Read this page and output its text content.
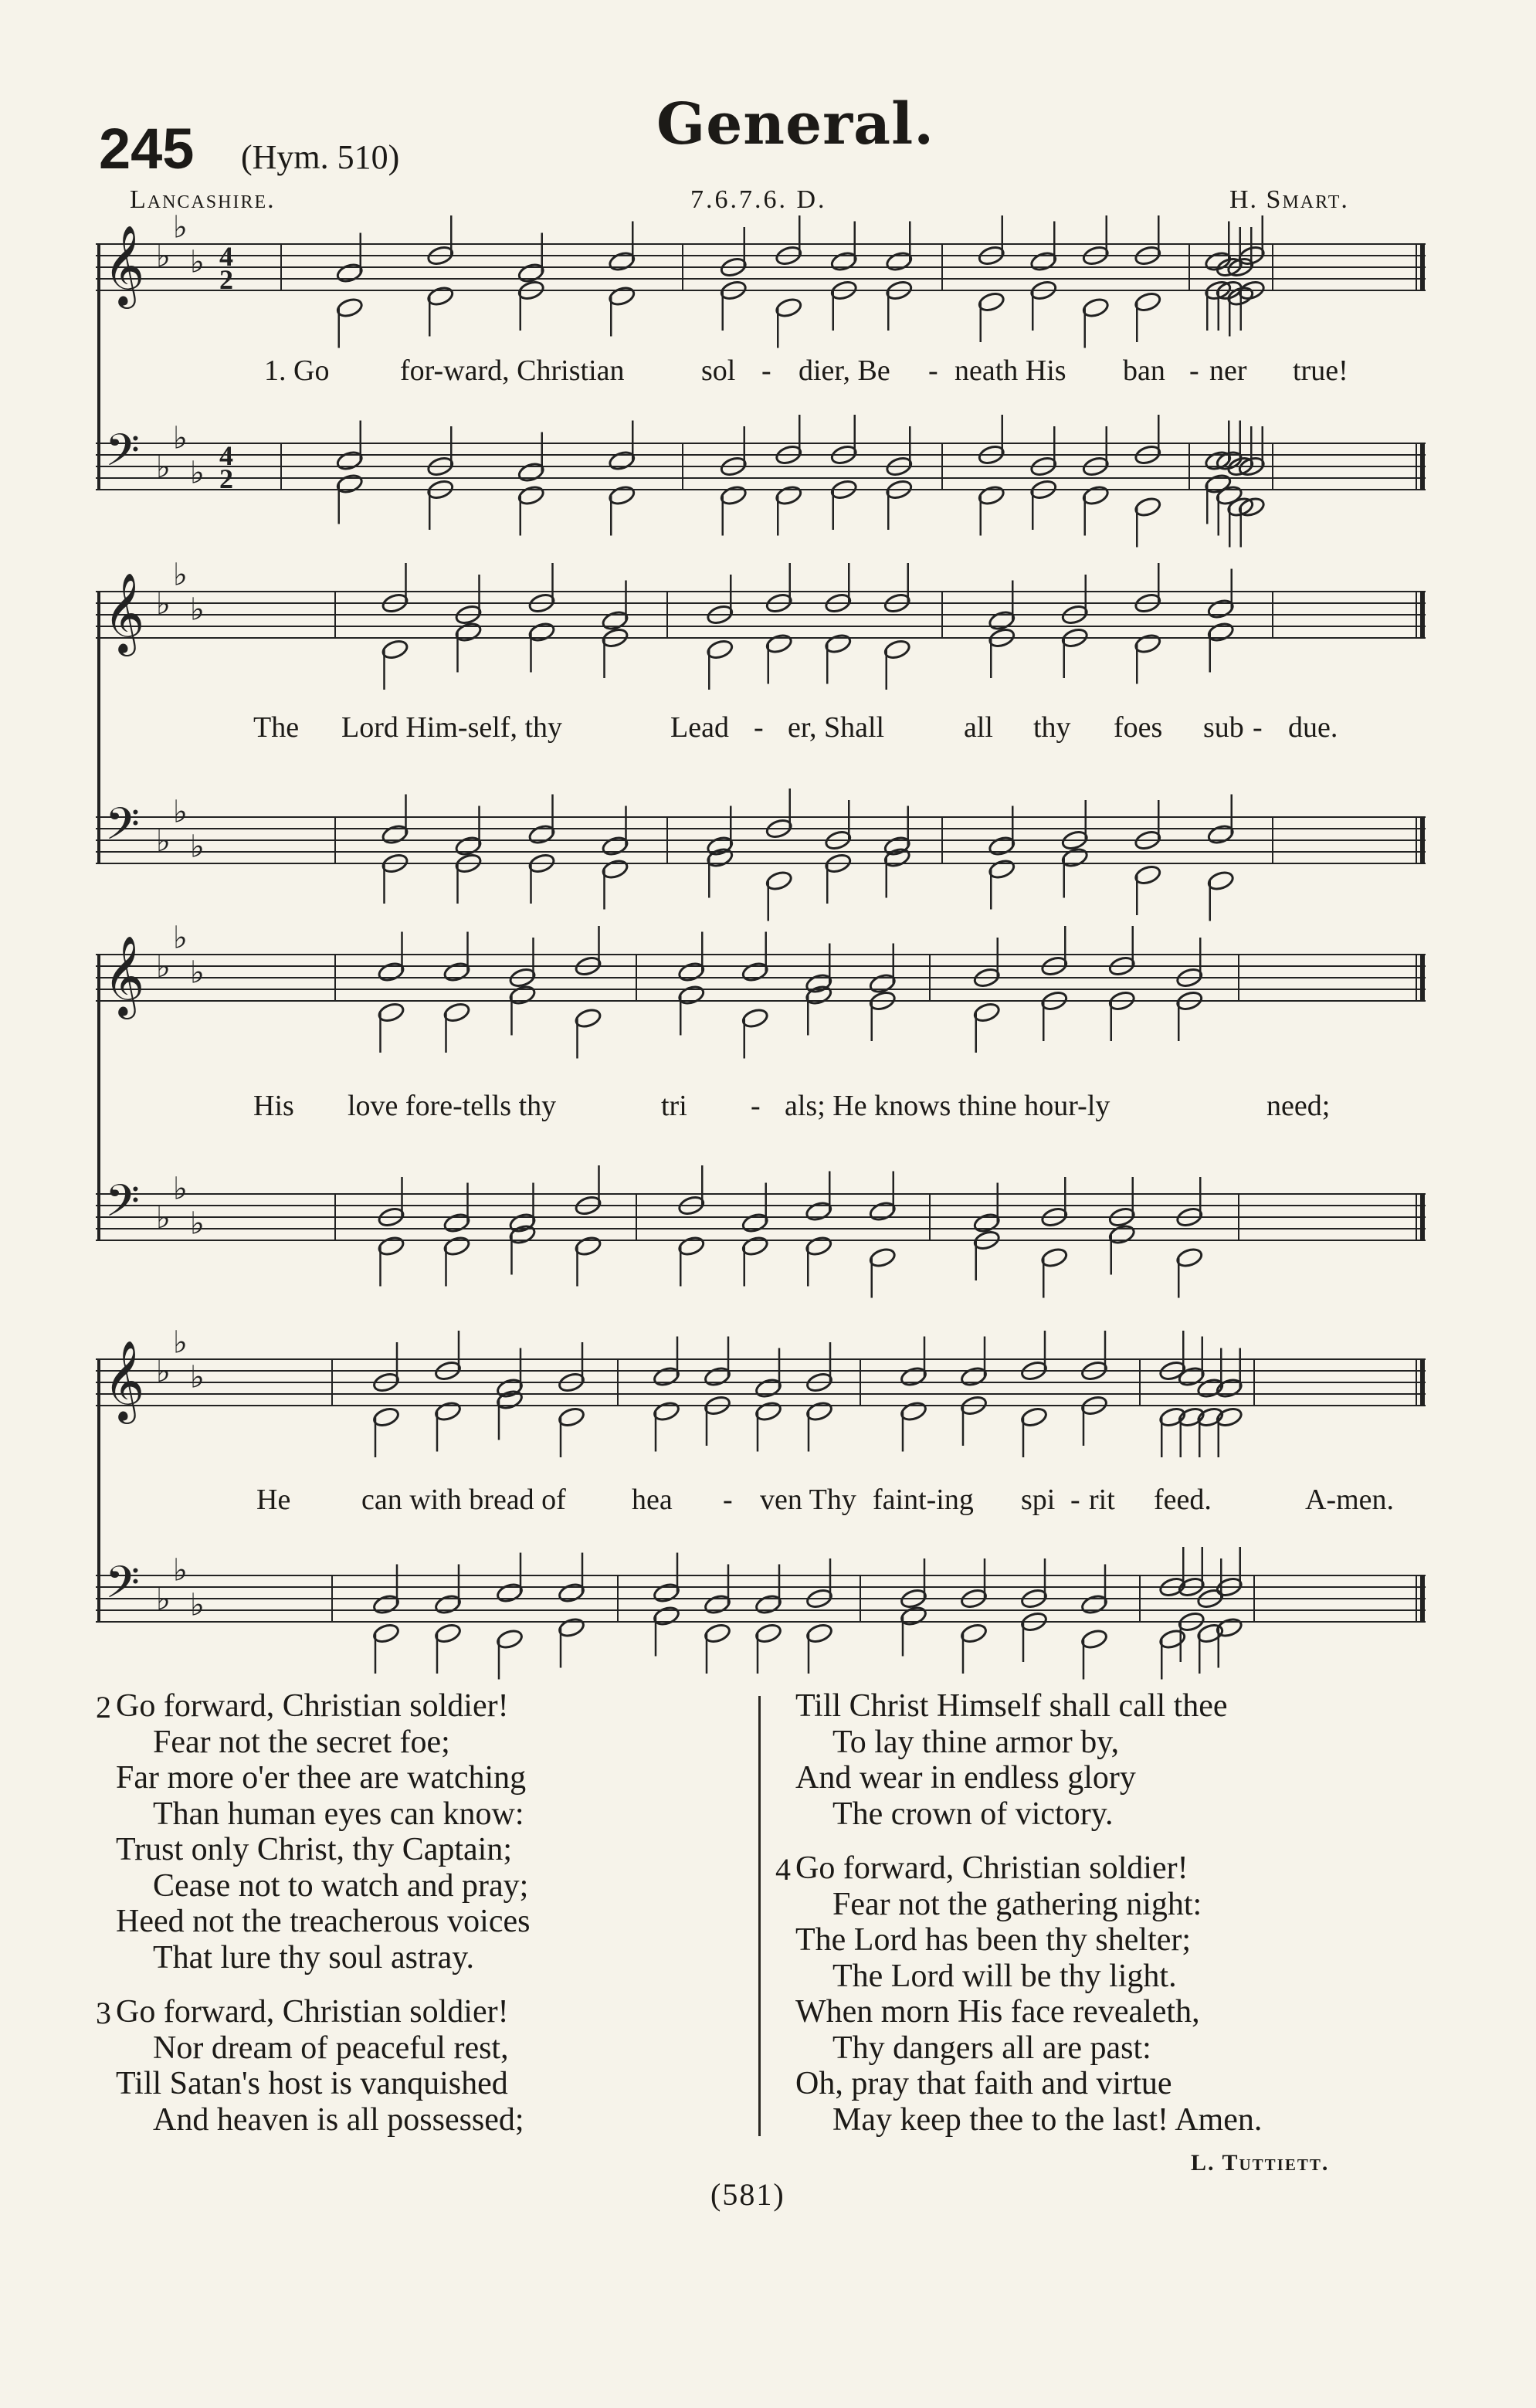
245 (Hym. 510)	General.
Lancashire.	7.6.7.6. D.	H. Smart.
𝄞
𝄢
♭
♭
♭
♭
♭
♭
4
2
4
2
1. Go for-ward, Christian	sol - dier, Be - neath His ban - ner true!
𝄞
𝄢
♭
♭
♭
♭
♭
♭
The Lord Him-self, thy	Lead - er, Shall	all thy foes sub - due.
𝄞
𝄢
♭
♭
♭
♭
♭
♭
His love fore-tells thy	tri - als; He knows thine hour-ly	need;
𝄞
𝄢
♭
♭
♭
♭
♭
♭
He can with bread of hea - ven Thy faint-ing spi - rit feed.	A-men.
2 Go forward, Christian soldier!
Fear not the secret foe;
Far more o'er thee are watching
Than human eyes can know:
Trust only Christ, thy Captain;
Cease not to watch and pray;
Heed not the treacherous voices
That lure thy soul astray.
3 Go forward, Christian soldier!
Nor dream of peaceful rest,
Till Satan's host is vanquished
And heaven is all possessed;
Till Christ Himself shall call thee
To lay thine armor by,
And wear in endless glory
The crown of victory.
4 Go forward, Christian soldier!
Fear not the gathering night:
The Lord has been thy shelter;
The Lord will be thy light.
When morn His face revealeth,
Thy dangers all are past:
Oh, pray that faith and virtue
May keep thee to the last! Amen.
L. Tuttiett.
(581)
